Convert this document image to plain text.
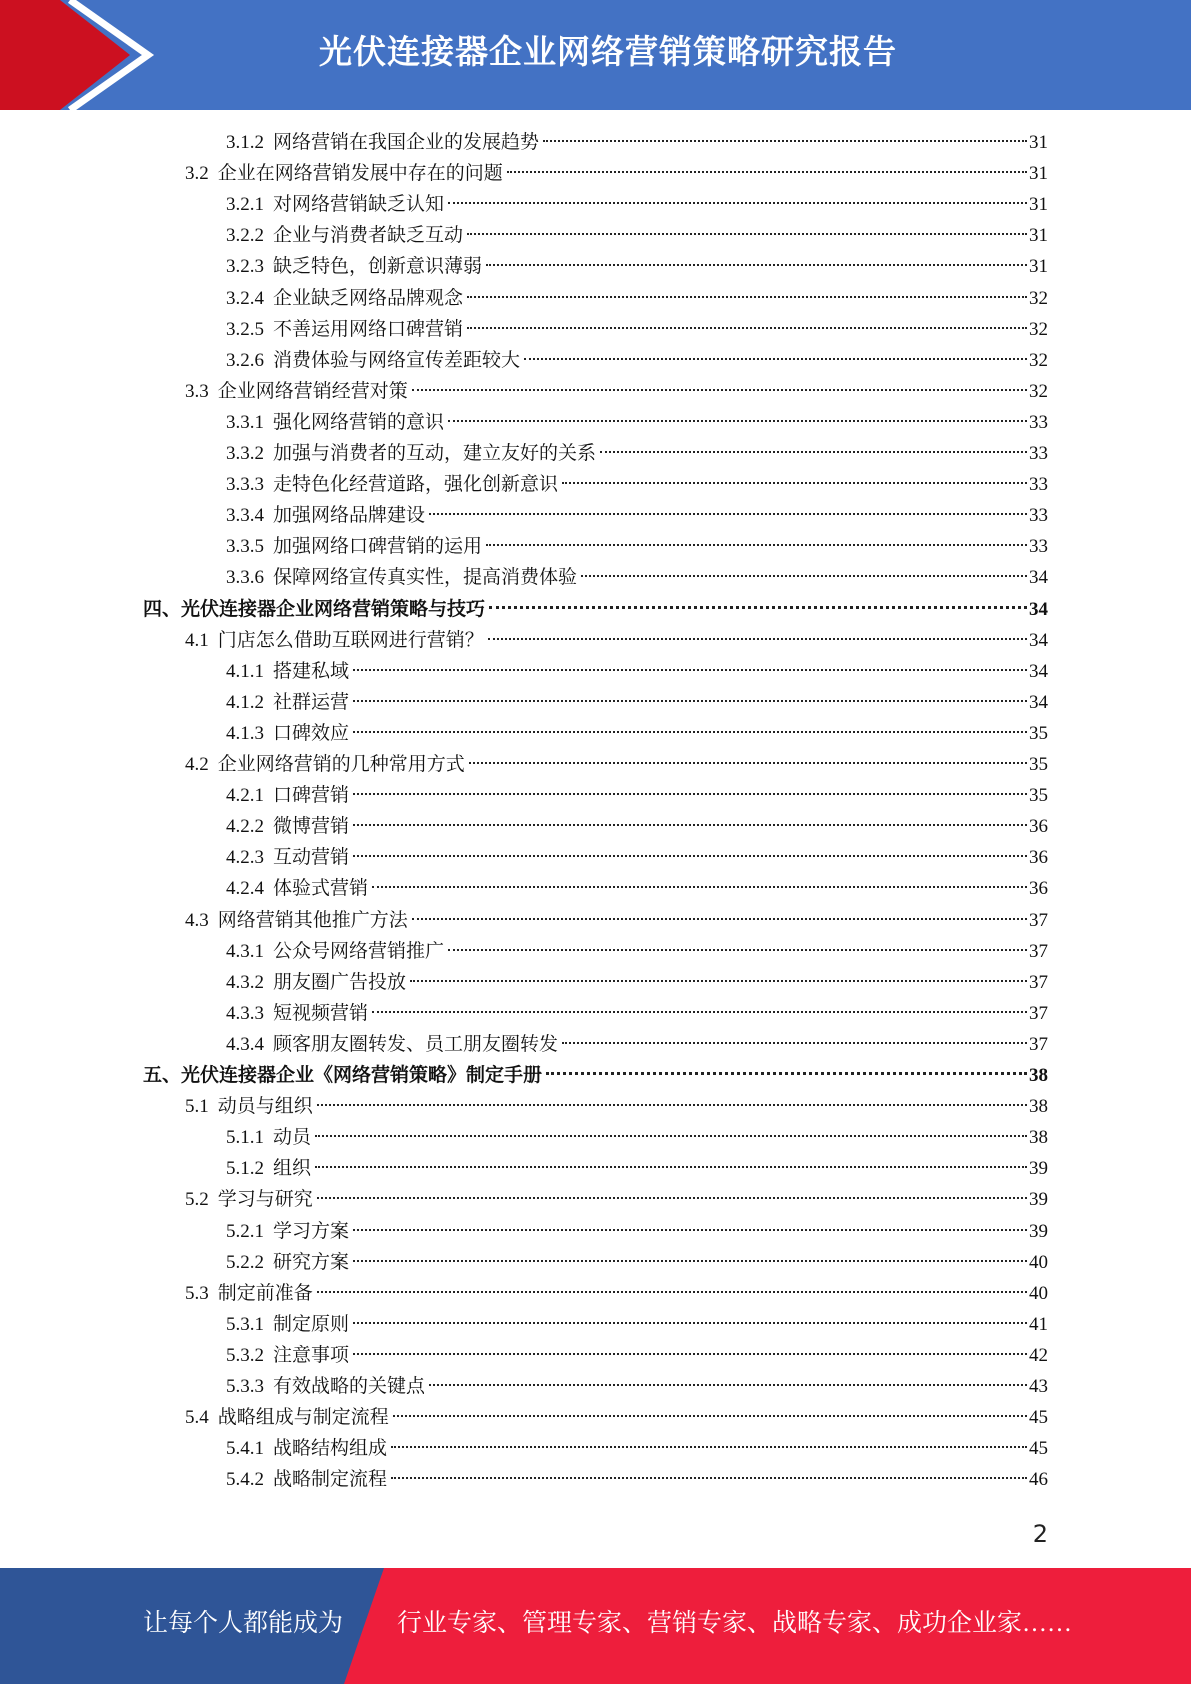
光伏连接器企业网络营销策略研究报告
3.1.2 网络营销在我国企业的发展趋势	31
3.2 企业在网络营销发展中存在的问题	31
3.2.1 对网络营销缺乏认知	31
3.2.2 企业与消费者缺乏互动	31
3.2.3 缺乏特色，创新意识薄弱	31
3.2.4 企业缺乏网络品牌观念	32
3.2.5 不善运用网络口碑营销	32
3.2.6 消费体验与网络宣传差距较大	32
3.3 企业网络营销经营对策	32
3.3.1 强化网络营销的意识	33
3.3.2 加强与消费者的互动，建立友好的关系	33
3.3.3 走特色化经营道路，强化创新意识	33
3.3.4 加强网络品牌建设	33
3.3.5 加强网络口碑营销的运用	33
3.3.6 保障网络宣传真实性，提高消费体验	34
四、光伏连接器企业网络营销策略与技巧	34
4.1 门店怎么借助互联网进行营销？	34
4.1.1 搭建私域	34
4.1.2 社群运营	34
4.1.3 口碑效应	35
4.2 企业网络营销的几种常用方式	35
4.2.1 口碑营销	35
4.2.2 微博营销	36
4.2.3 互动营销	36
4.2.4 体验式营销	36
4.3 网络营销其他推广方法	37
4.3.1 公众号网络营销推广	37
4.3.2 朋友圈广告投放	37
4.3.3 短视频营销	37
4.3.4 顾客朋友圈转发、员工朋友圈转发	37
五、光伏连接器企业《网络营销策略》制定手册	38
5.1 动员与组织	38
5.1.1 动员	38
5.1.2 组织	39
5.2 学习与研究	39
5.2.1 学习方案	39
5.2.2 研究方案	40
5.3 制定前准备	40
5.3.1 制定原则	41
5.3.2 注意事项	42
5.3.3 有效战略的关键点	43
5.4 战略组成与制定流程	45
5.4.1 战略结构组成	45
5.4.2 战略制定流程	46
2
让每个人都能成为 行业专家、管理专家、营销专家、战略专家、成功企业家……
